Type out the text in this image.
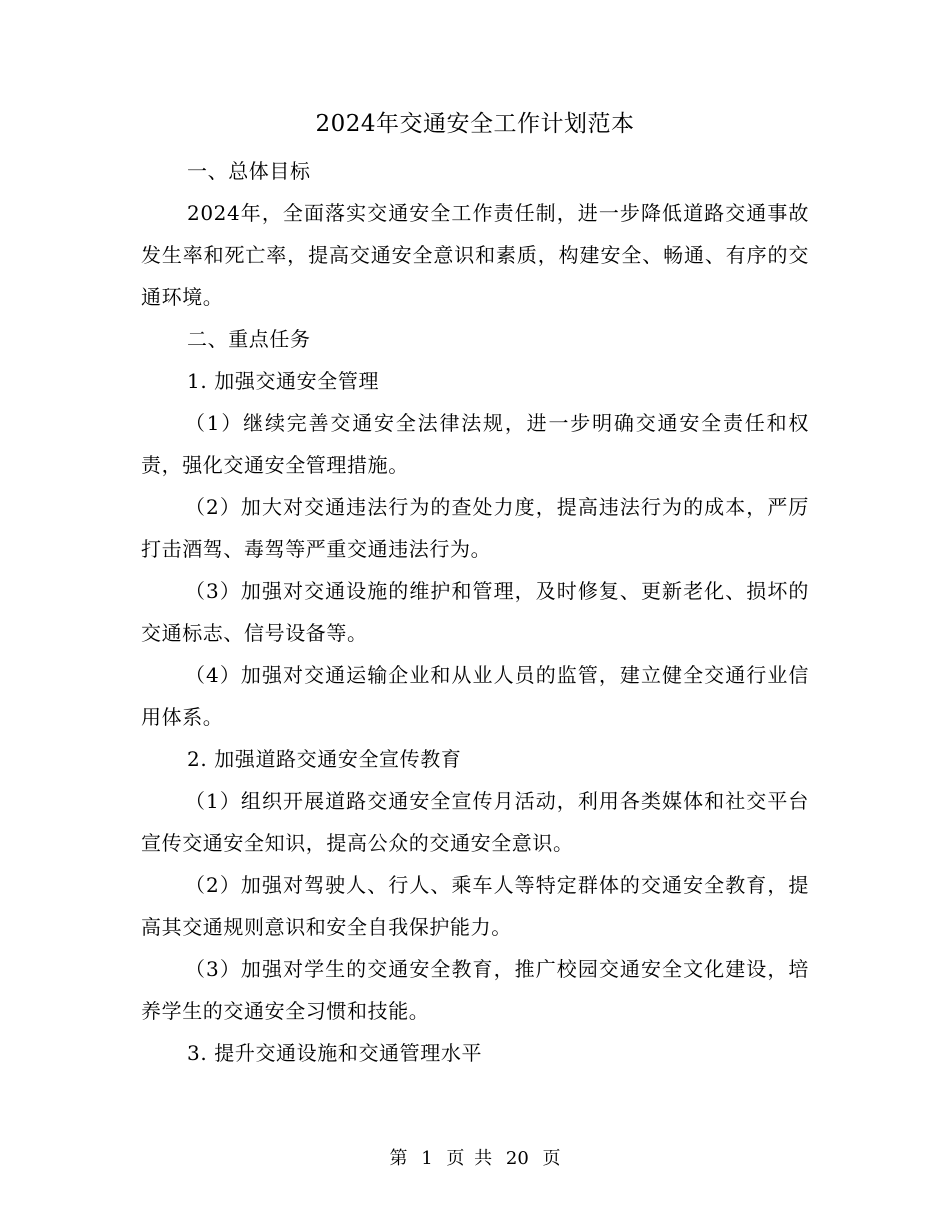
2024年交通安全工作计划范本

一、总体目标

2024年，全面落实交通安全工作责任制，进一步降低道路交通事故发生率和死亡率，提高交通安全意识和素质，构建安全、畅通、有序的交通环境。

二、重点任务

1. 加强交通安全管理

（1）继续完善交通安全法律法规，进一步明确交通安全责任和权责，强化交通安全管理措施。

（2）加大对交通违法行为的查处力度，提高违法行为的成本，严厉打击酒驾、毒驾等严重交通违法行为。

（3）加强对交通设施的维护和管理，及时修复、更新老化、损坏的交通标志、信号设备等。

（4）加强对交通运输企业和从业人员的监管，建立健全交通行业信用体系。

2. 加强道路交通安全宣传教育

（1）组织开展道路交通安全宣传月活动，利用各类媒体和社交平台宣传交通安全知识，提高公众的交通安全意识。

（2）加强对驾驶人、行人、乘车人等特定群体的交通安全教育，提高其交通规则意识和安全自我保护能力。

（3）加强对学生的交通安全教育，推广校园交通安全文化建设，培养学生的交通安全习惯和技能。

3. 提升交通设施和交通管理水平

第 1 页 共 20 页
